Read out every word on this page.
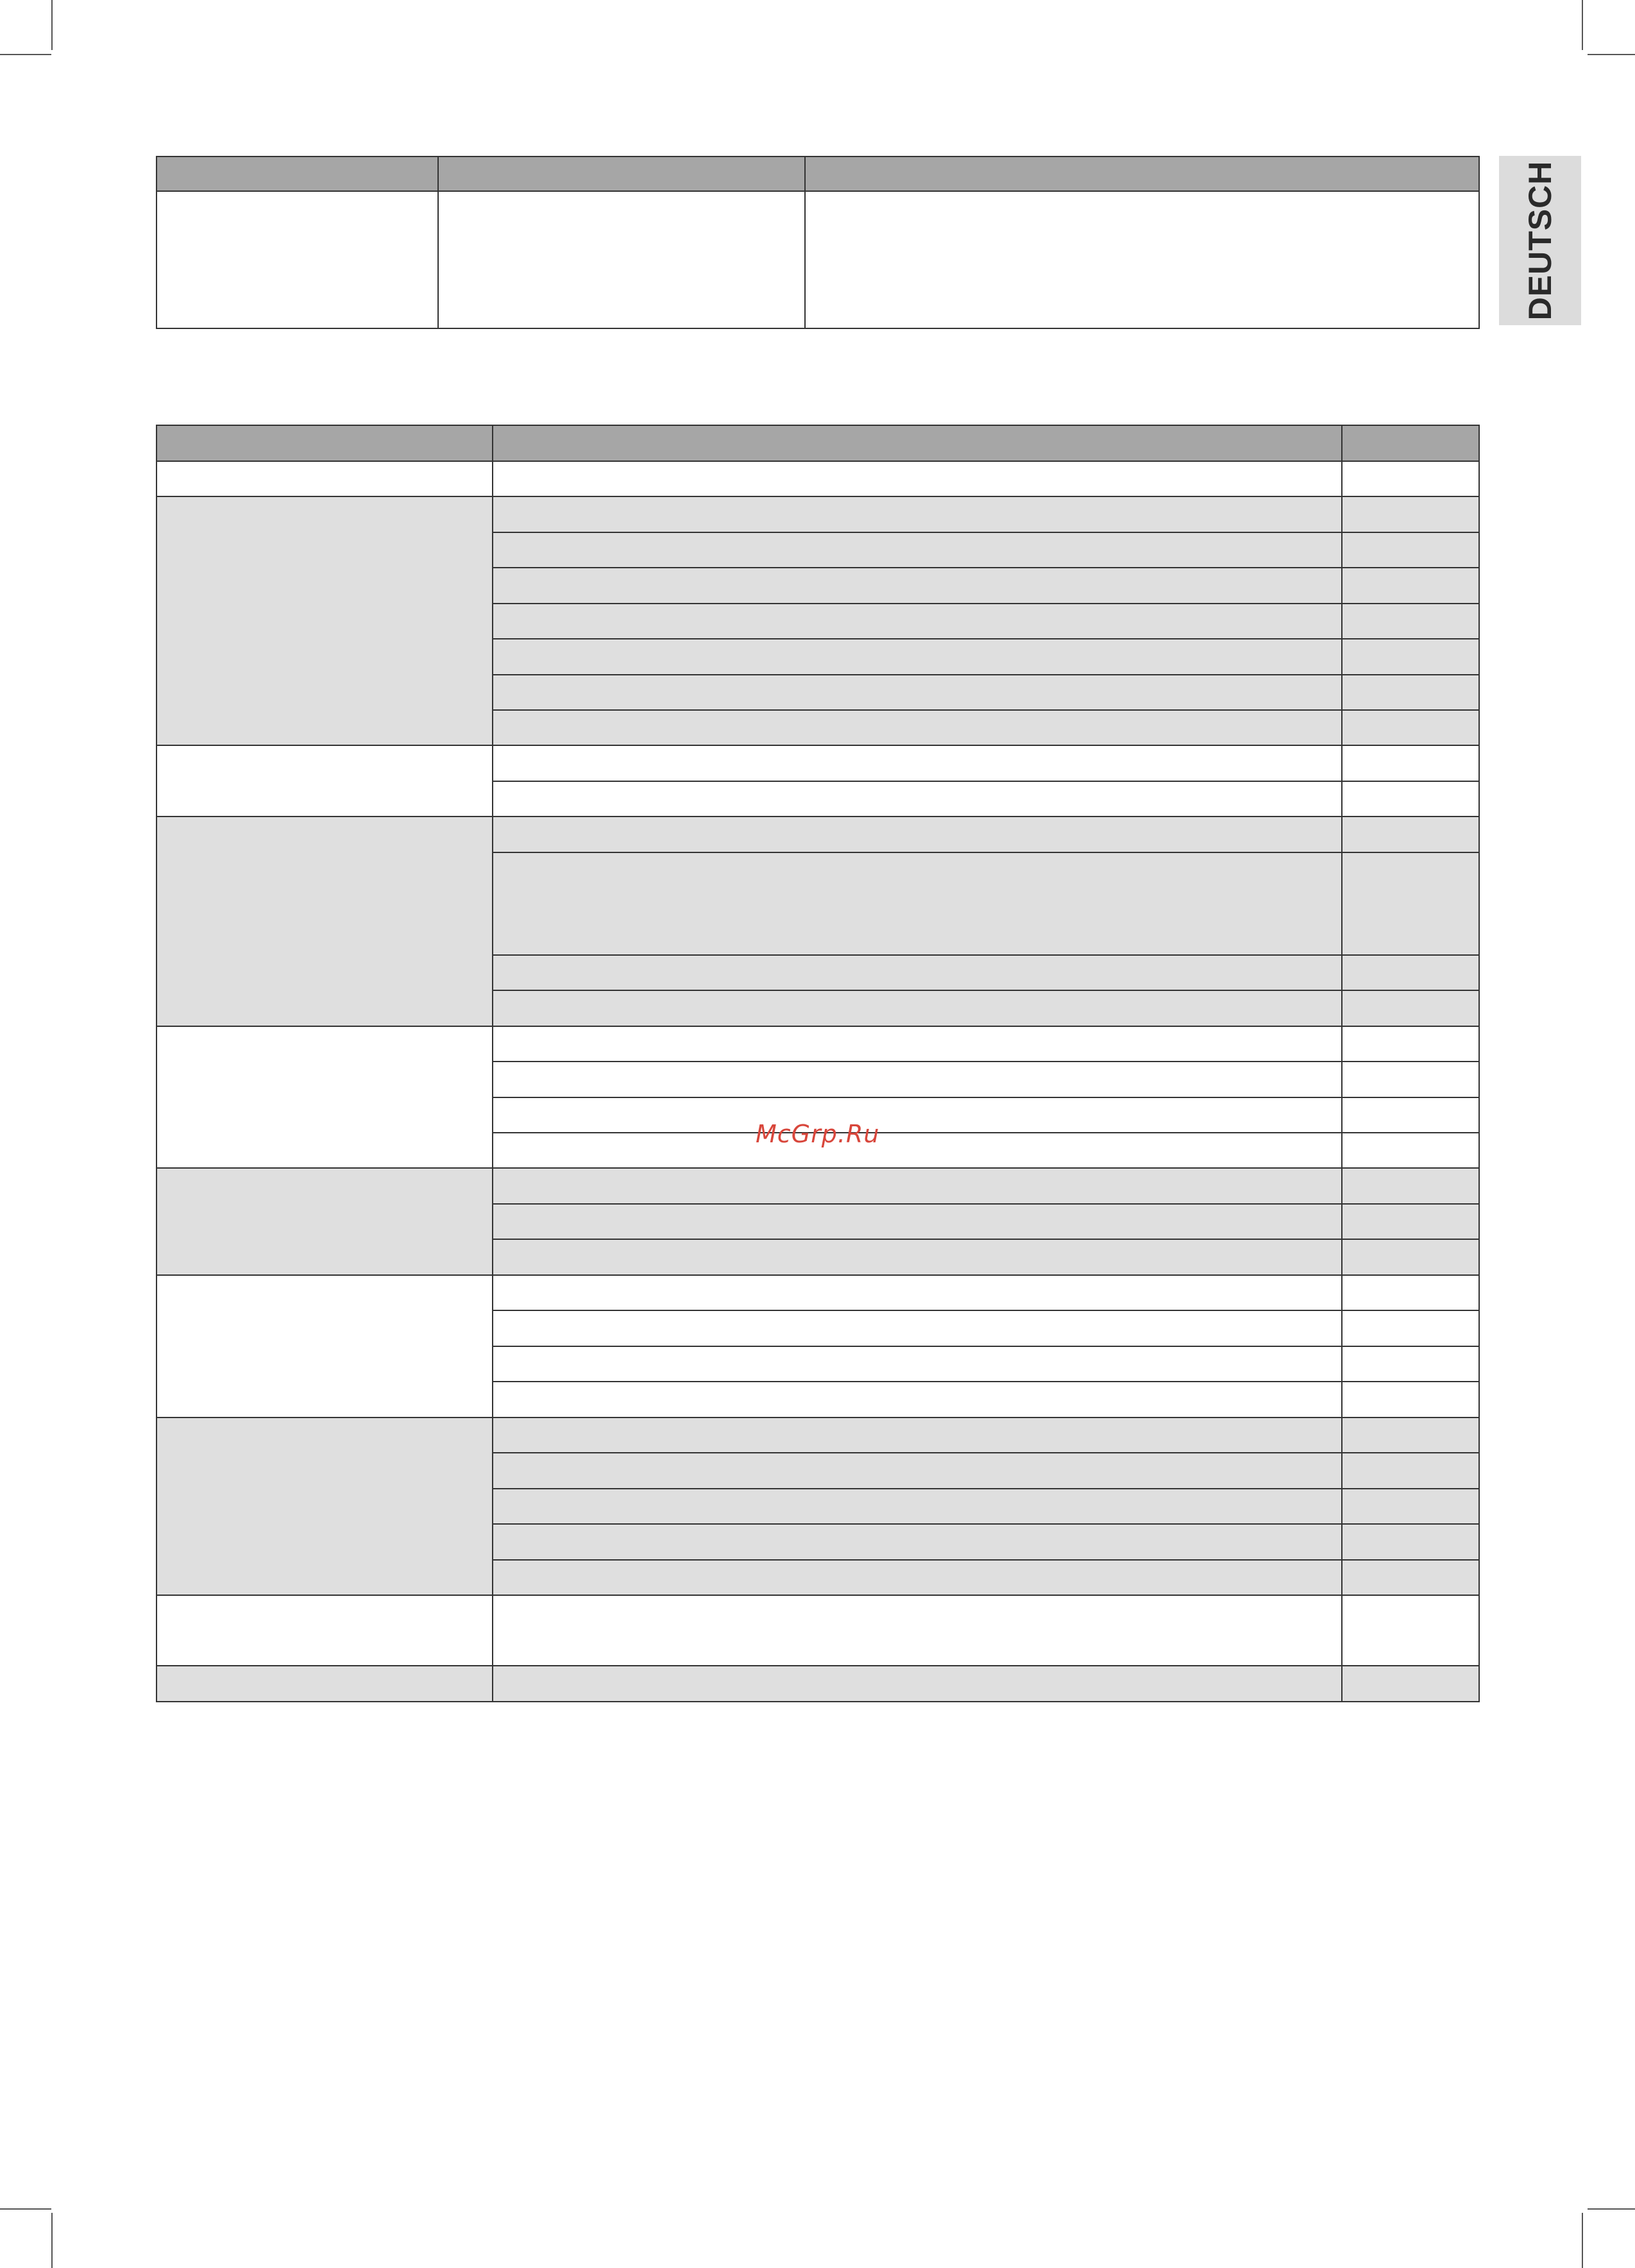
DEUTSCH

McGrp.Ru
